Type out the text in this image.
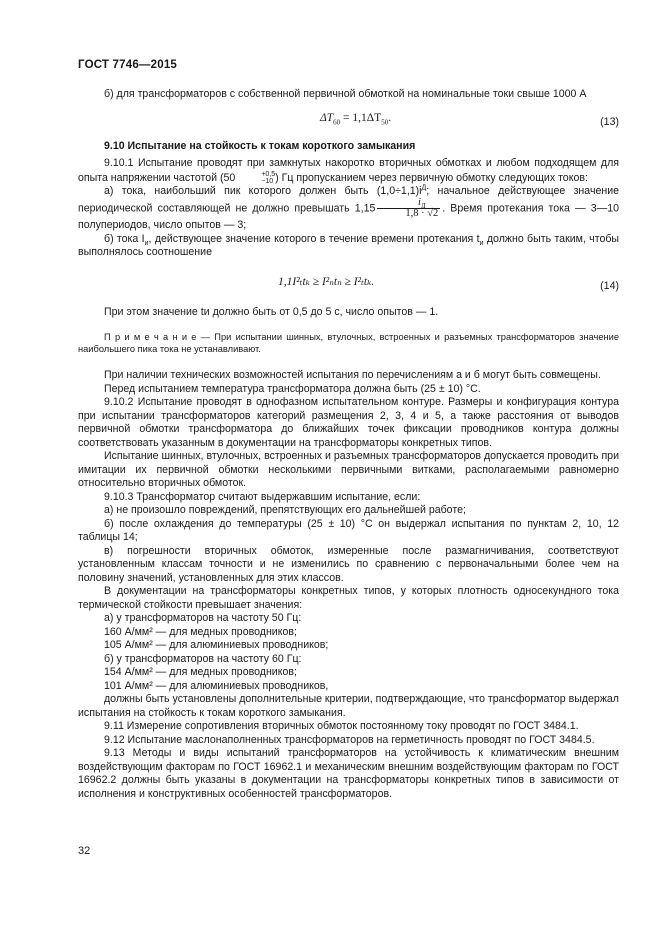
ГОСТ 7746—2015

б) для трансформаторов с собственной первичной обмоткой на номинальные токи свыше 1000 А

$\Delta T_{60} = 1,1\Delta T_{50}$.	(13)

9.10 Испытание на стойкость к токам короткого замыкания

9.10.1 Испытание проводят при замкнутых накоротко вторичных обмотках и любом подходящем для опыта напряжении частотой (50	+0,5
−10 ) Гц пропусканием через первичную обмотку следующих токов:

а) тока, наибольший пик которого должен быть $(1,0\div 1,1)i^Д$; начальное действующее значение периодической составляющей не должно превышать $1,15 \frac{i_Д}{1,8 \cdot √2}$ . Время протекания тока — 3—10 полупериодов, число опытов — 3;

б) тока $I_и$, действующее значение которого в течение времени протекания $t_и$ должно быть таким, чтобы выполнялось соотношение

1,1I²ₜtₖ ≥ I²ₙtₙ ≥ I²ₜtₖ.	(14)

При этом значение tи должно быть от 0,5 до 5 с, число опытов — 1.

П р и м е ч а н и е — При испытании шинных, втулочных, встроенных и разъемных трансформаторов значение наибольшего пика тока не устанавливают.

При наличии технических возможностей испытания по перечислениям а и б могут быть совмещены.

Перед испытанием температура трансформатора должна быть (25 ± 10) °С.

9.10.2 Испытание проводят в однофазном испытательном контуре. Размеры и конфигурация контура при испытании трансформаторов категорий размещения 2, 3, 4 и 5, а также расстояния от выводов первичной обмотки трансформатора до ближайших точек фиксации проводников контура должны соответствовать указанным в документации на трансформаторы конкретных типов.

Испытание шинных, втулочных, встроенных и разъемных трансформаторов допускается проводить при имитации их первичной обмотки несколькими первичными витками, располагаемыми равномерно относительно вторичных обмоток.

9.10.3 Трансформатор считают выдержавшим испытание, если:

а) не произошло повреждений, препятствующих его дальнейшей работе;

б) после охлаждения до температуры (25 ± 10) °С он выдержал испытания по пунктам 2, 10, 12 таблицы 14;

в) погрешности вторичных обмоток, измеренные после размагничивания, соответствуют установленным классам точности и не изменились по сравнению с первоначальными более чем на половину значений, установленных для этих классов.

В документации на трансформаторы конкретных типов, у которых плотность односекундного тока термической стойкости превышает значения:

а) у трансформаторов на частоту 50 Гц:

160 А/мм² — для медных проводников;

105 А/мм² — для алюминиевых проводников;

б) у трансформаторов на частоту 60 Гц:

154 А/мм² — для медных проводников;

101 А/мм² — для алюминиевых проводников,

должны быть установлены дополнительные критерии, подтверждающие, что трансформатор выдержал испытания на стойкость к токам короткого замыкания.

9.11 Измерение сопротивления вторичных обмоток постоянному току проводят по ГОСТ 3484.1.

9.12 Испытание маслонаполненных трансформаторов на герметичность проводят по ГОСТ 3484.5.

9.13 Методы и виды испытаний трансформаторов на устойчивость к климатическим внешним воздействующим факторам по ГОСТ 16962.1 и механическим внешним воздействующим факторам по ГОСТ 16962.2 должны быть указаны в документации на трансформаторы конкретных типов в зависимости от исполнения и конструктивных особенностей трансформаторов.

32
